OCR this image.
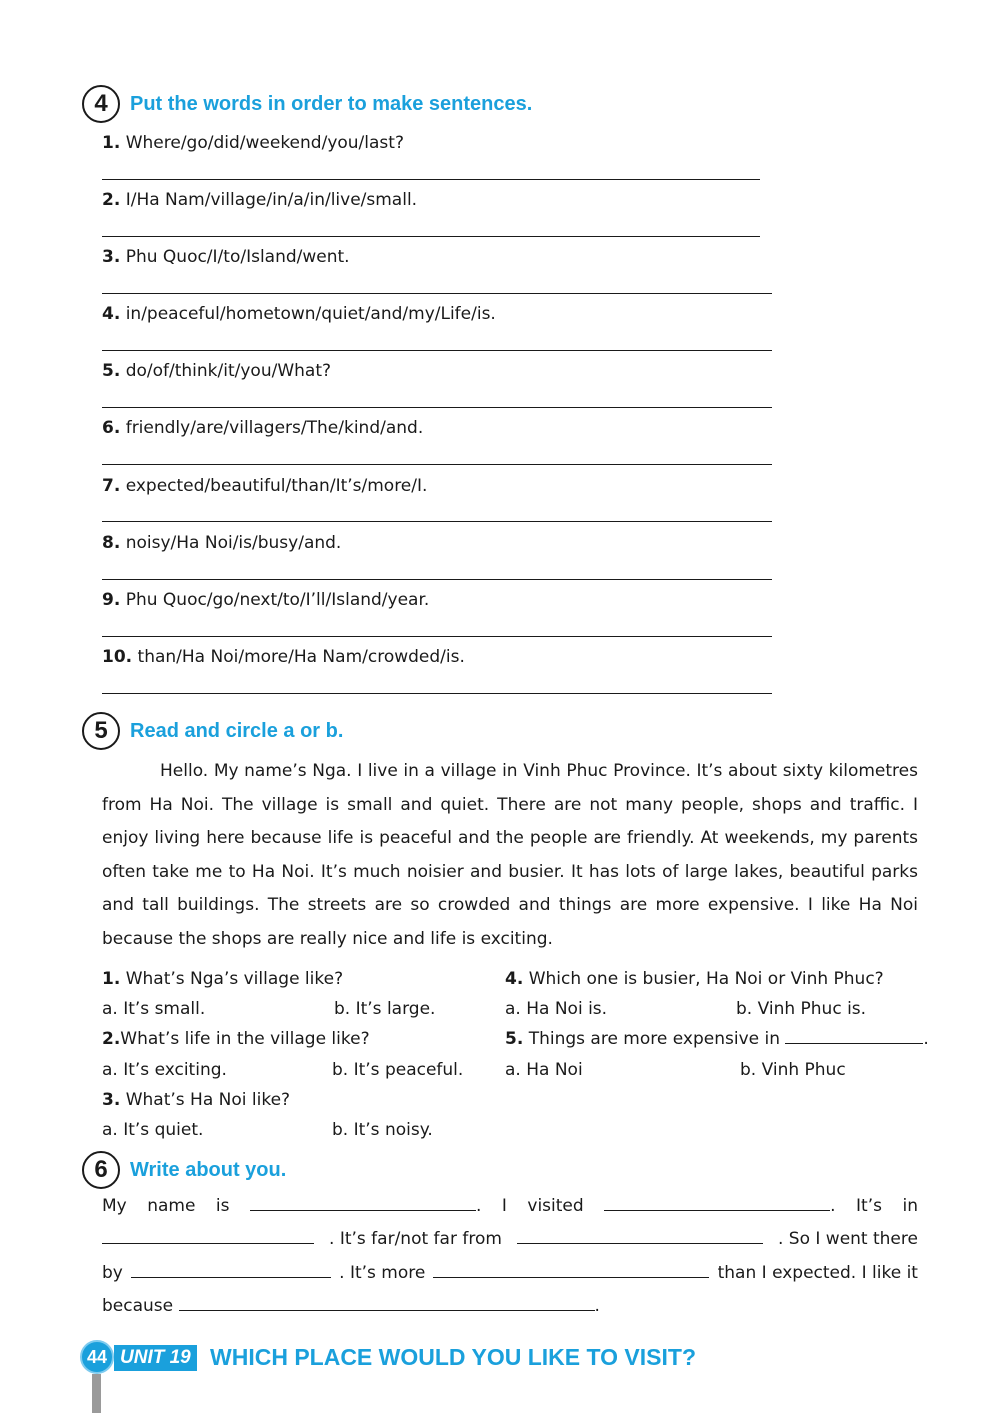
4	Put the words in order to make sentences.
1. Where/go/did/weekend/you/last?
2. I/Ha Nam/village/in/a/in/live/small.
3. Phu Quoc/I/to/Island/went.
4. in/peaceful/hometown/quiet/and/my/Life/is.
5. do/of/think/it/you/What?
6. friendly/are/villagers/The/kind/and.
7. expected/beautiful/than/It’s/more/I.
8. noisy/Ha Noi/is/busy/and.
9. Phu Quoc/go/next/to/I’ll/Island/year.
10. than/Ha Noi/more/Ha Nam/crowded/is.
5	Read and circle a or b.
Hello. My name’s Nga. I live in a village in Vinh Phuc Province. It’s about sixty kilometres from Ha Noi. The village is small and quiet. There are not many people, shops and traffic. I enjoy living here because life is peaceful and the people are friendly. At weekends, my parents often take me to Ha Noi. It’s much noisier and busier. It has lots of large lakes, beautiful parks and tall buildings. The streets are so crowded and things are more expensive. I like Ha Noi because the shops are really nice and life is exciting.
1. What’s Nga’s village like?
a. It’s small.	b. It’s large.
2.What’s life in the village like?
a. It’s exciting.	b. It’s peaceful.
3. What’s Ha Noi like?
a. It’s quiet.	b. It’s noisy.
4. Which one is busier, Ha Noi or Vinh Phuc?
a. Ha Noi is.	b. Vinh Phuc is.
5. Things are more expensive in	.
a. Ha Noi	b. Vinh Phuc
6	Write about you.
My name is	. I visited	. It’s in
. It’s far/not far from	. So I went there
by	. It’s more	than I expected. I like it
because	.
44 UNIT 19 WHICH PLACE WOULD YOU LIKE TO VISIT?
